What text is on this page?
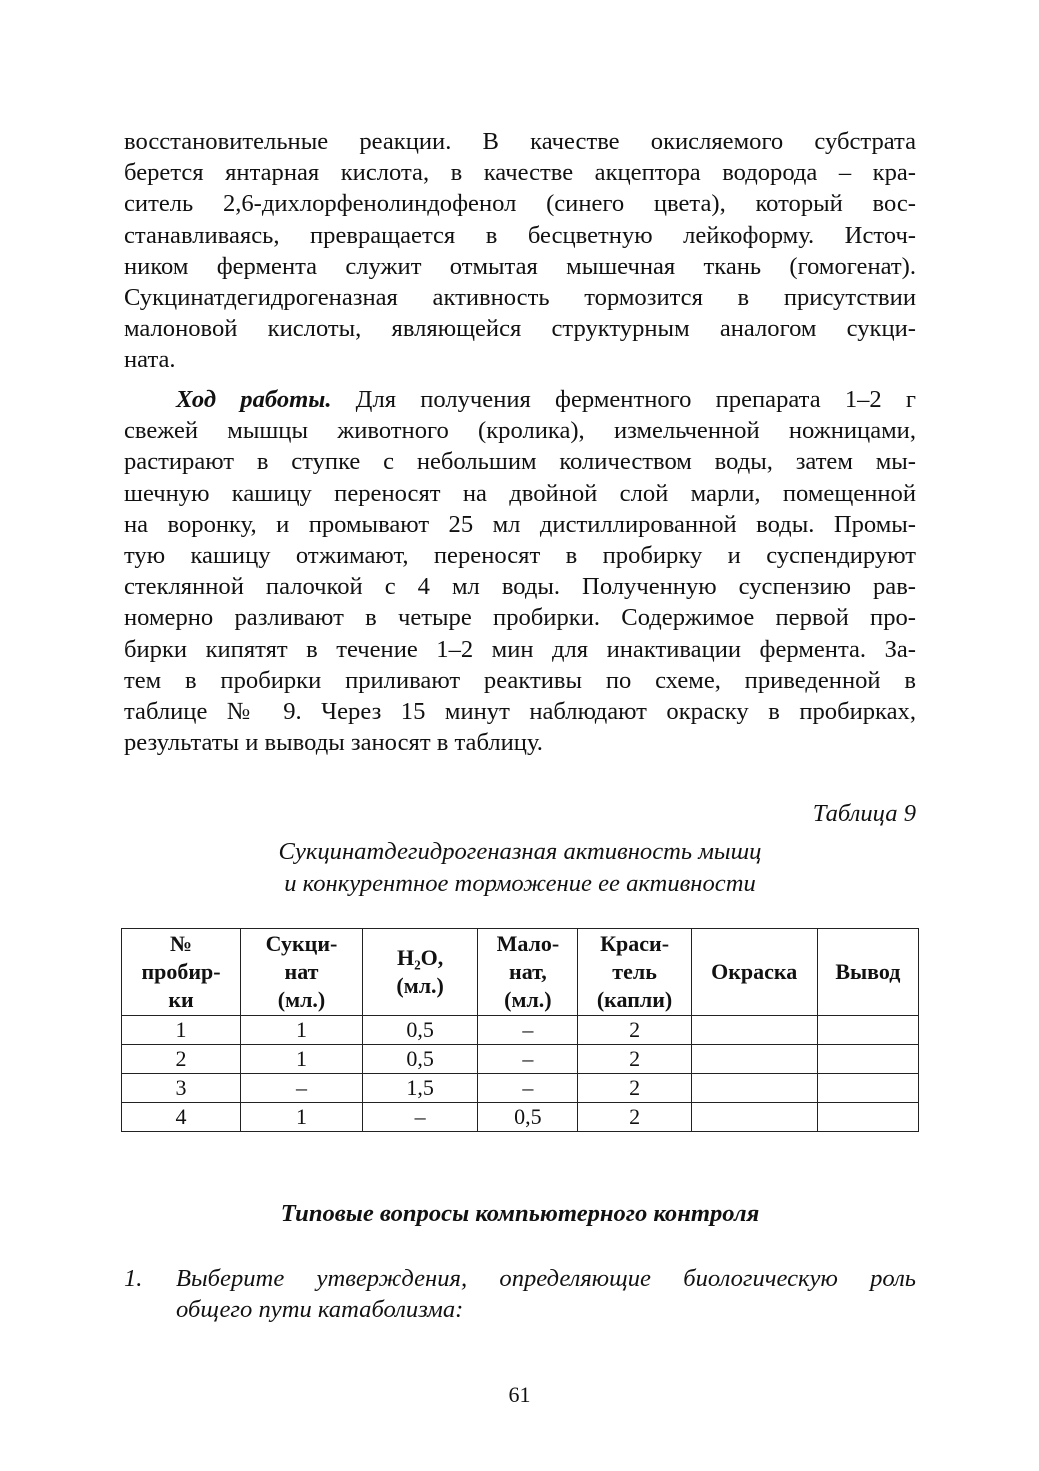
восстановительные реакции. В качестве окисляемого субстрата
берется янтарная кислота, в качестве акцептора водорода – кра-
ситель 2,6-дихлорфенолиндофенол (синего цвета), который вос-
станавливаясь, превращается в бесцветную лейкоформу. Источ-
ником фермента служит отмытая мышечная ткань (гомогенат).
Сукцинатдегидрогеназная активность тормозится в присутствии
малоновой кислоты, являющейся структурным аналогом сукци-
ната.
Ход работы. Для получения ферментного препарата 1–2 г
свежей мышцы животного (кролика), измельченной ножницами,
растирают в ступке с небольшим количеством воды, затем мы-
шечную кашицу переносят на двойной слой марли, помещенной
на воронку, и промывают 25 мл дистиллированной воды. Промы-
тую кашицу отжимают, переносят в пробирку и суспендируют
стеклянной палочкой с 4 мл воды. Полученную суспензию рав-
номерно разливают в четыре пробирки. Содержимое первой про-
бирки кипятят в течение 1–2 мин для инактивации фермента. За-
тем в пробирки приливают реактивы по схеме, приведенной в
таблице № 9. Через 15 минут наблюдают окраску в пробирках,
результаты и выводы заносят в таблицу.

Таблица 9

Сукцинатдегидрогеназная активность мышц
и конкурентное торможение ее активности

№
пробир-
ки	Сукци-
нат
(мл.)	H₂O,
(мл.)	Мало-
нат,
(мл.)	Краси-
тель
(капли)	Окраска	Вывод
1	1	0,5	–	2		
2	1	0,5	–	2		
3	–	1,5	–	2		
4	1	–	0,5	2		

Типовые вопросы компьютерного контроля

1. Выберите утверждения, определяющие биологическую роль
общего пути катаболизма:

61
